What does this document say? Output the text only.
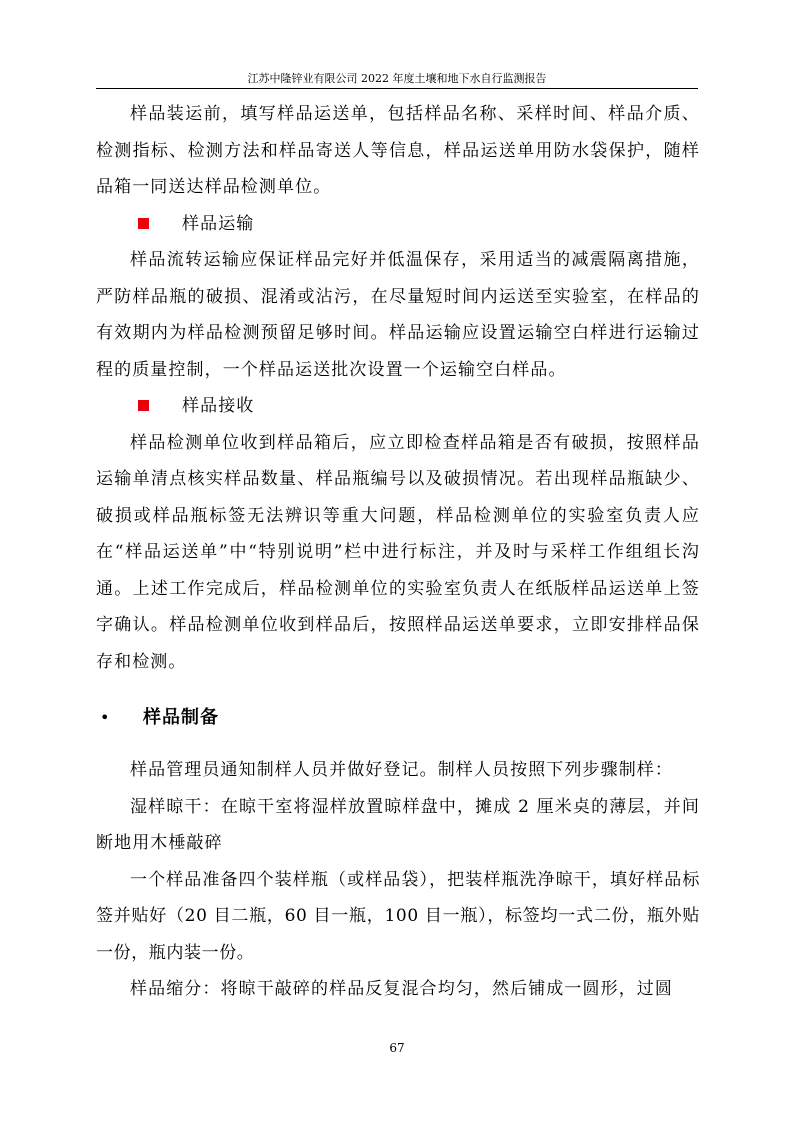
江苏中隆锌业有限公司 2022 年度土壤和地下水自行监测报告

样品装运前，填写样品运送单，包括样品名称、采样时间、样品介质、检测指标、检测方法和样品寄送人等信息，样品运送单用防水袋保护，随样品箱一同送达样品检测单位。

样品运输

样品流转运输应保证样品完好并低温保存，采用适当的减震隔离措施，严防样品瓶的破损、混淆或沾污，在尽量短时间内运送至实验室，在样品的有效期内为样品检测预留足够时间。样品运输应设置运输空白样进行运输过程的质量控制，一个样品运送批次设置一个运输空白样品。

样品接收

样品检测单位收到样品箱后，应立即检查样品箱是否有破损，按照样品运输单清点核实样品数量、样品瓶编号以及破损情况。若出现样品瓶缺少、破损或样品瓶标签无法辨识等重大问题，样品检测单位的实验室负责人应在“样品运送单”中“特别说明”栏中进行标注，并及时与采样工作组组长沟通。上述工作完成后，样品检测单位的实验室负责人在纸版样品运送单上签字确认。样品检测单位收到样品后，按照样品运送单要求，立即安排样品保存和检测。

• 样品制备

样品管理员通知制样人员并做好登记。制样人员按照下列步骤制样：

湿样晾干：在晾干室将湿样放置晾样盘中，摊成 2 厘米奌的薄层，并间断地用木棰敲碎

一个样品准备四个装样瓶（或样品袋），把装样瓶洗净晾干，填好样品标签并贴好（20 目二瓶，60 目一瓶，100 目一瓶），标签均一式二份，瓶外贴一份，瓶内装一份。

样品缩分：将晾干敲碎的样品反复混合均匀，然后铺成一圆形，过圆

67
